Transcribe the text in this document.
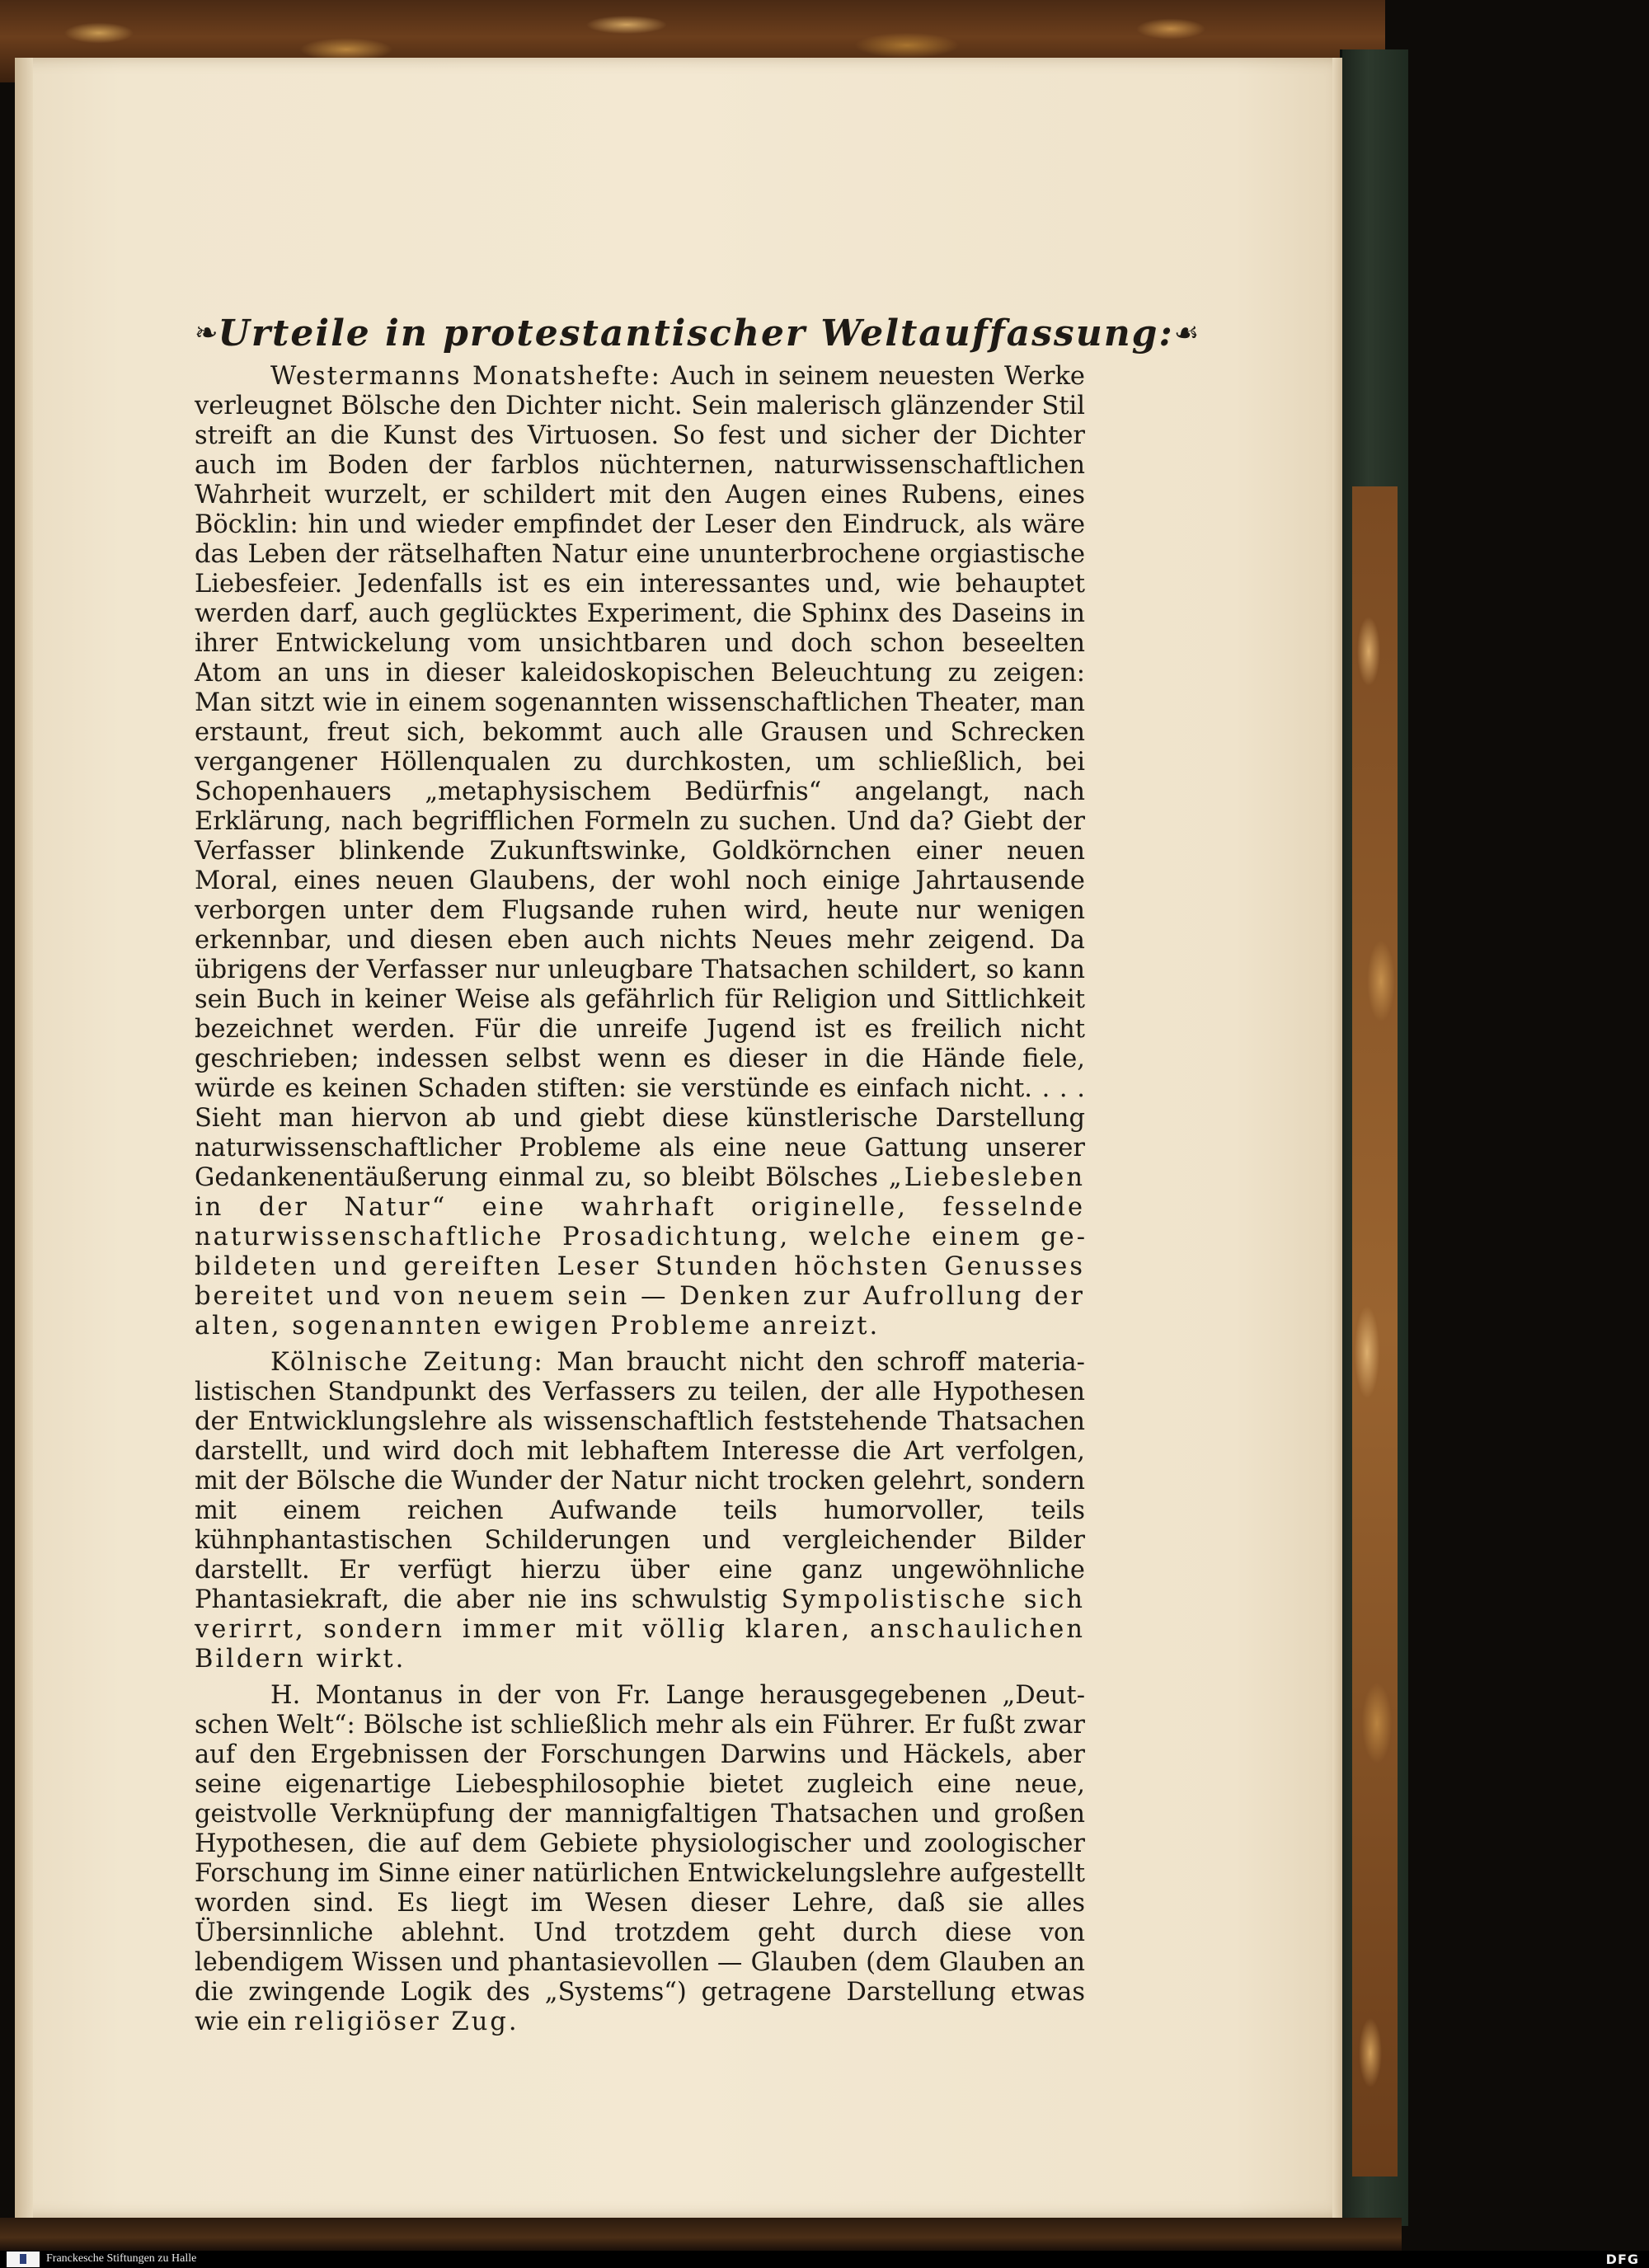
❧ Urteile in protestantischer Weltauffassung: ☙

Westermanns Monatshefte: Auch in seinem neuesten Werke verleugnet Bölsche den Dichter nicht. Sein malerisch glänzender Stil streift an die Kunst des Virtuosen. So fest und sicher der Dichter auch im Boden der farblos nüchternen, naturwissenschaftlichen Wahrheit wurzelt, er schildert mit den Augen eines Rubens, eines Böcklin: hin und wieder empfindet der Leser den Eindruck, als wäre das Leben der rätselhaften Natur eine ununterbrochene orgiastische Liebesfeier. Jedenfalls ist es ein interessantes und, wie behauptet werden darf, auch geglücktes Experiment, die Sphinx des Daseins in ihrer Entwickelung vom unsichtbaren und doch schon beseelten Atom an uns in dieser kaleidoskopischen Beleuchtung zu zeigen: Man sitzt wie in einem sogenannten wissenschaftlichen Theater, man erstaunt, freut sich, bekommt auch alle Grausen und Schrecken vergangener Höllenqualen zu durchkosten, um schließlich, bei Schopenhauers „metaphysischem Bedürfnis“ angelangt, nach Erklärung, nach begrifflichen Formeln zu suchen. Und da? Giebt der Verfasser blinkende Zukunftswinke, Goldkörnchen einer neuen Moral, eines neuen Glaubens, der wohl noch einige Jahrtausende verborgen unter dem Flugsande ruhen wird, heute nur wenigen erkennbar, und diesen eben auch nichts Neues mehr zeigend. Da übrigens der Verfasser nur unleugbare Thatsachen schildert, so kann sein Buch in keiner Weise als gefährlich für Religion und Sittlichkeit bezeichnet werden. Für die unreife Jugend ist es freilich nicht geschrieben; indessen selbst wenn es dieser in die Hände fiele, würde es keinen Schaden stiften: sie verstünde es einfach nicht. . . . Sieht man hiervon ab und giebt diese künstlerische Darstellung naturwissenschaftlicher Probleme als eine neue Gattung unserer Gedankenentäußerung einmal zu, so bleibt Bölsches „Liebesleben in der Natur“ eine wahrhaft originelle, fesselnde naturwissenschaftliche Prosadichtung, welche einem gebildeten und gereiften Leser Stunden höchsten Genusses bereitet und von neuem sein — Denken zur Aufrollung der alten, sogenannten ewigen Probleme anreizt.

Kölnische Zeitung: Man braucht nicht den schroff materialistischen Standpunkt des Verfassers zu teilen, der alle Hypothesen der Entwicklungslehre als wissenschaftlich feststehende Thatsachen darstellt, und wird doch mit lebhaftem Interesse die Art verfolgen, mit der Bölsche die Wunder der Natur nicht trocken gelehrt, sondern mit einem reichen Aufwande teils humorvoller, teils kühnphantastischen Schilderungen und vergleichender Bilder darstellt. Er verfügt hierzu über eine ganz ungewöhnliche Phantasiekraft, die aber nie ins schwulstig Sympolistische sich verirrt, sondern immer mit völlig klaren, anschaulichen Bildern wirkt.

H. Montanus in der von Fr. Lange herausgegebenen „Deutschen Welt“: Bölsche ist schließlich mehr als ein Führer. Er fußt zwar auf den Ergebnissen der Forschungen Darwins und Häckels, aber seine eigenartige Liebesphilosophie bietet zugleich eine neue, geistvolle Verknüpfung der mannigfaltigen Thatsachen und großen Hypothesen, die auf dem Gebiete physiologischer und zoologischer Forschung im Sinne einer natürlichen Entwickelungslehre aufgestellt worden sind. Es liegt im Wesen dieser Lehre, daß sie alles Übersinnliche ablehnt. Und trotzdem geht durch diese von lebendigem Wissen und phantasievollen — Glauben (dem Glauben an die zwingende Logik des „Systems“) getragene Darstellung etwas wie ein religiöser Zug.

Franckesche Stiftungen zu Halle	DFG
